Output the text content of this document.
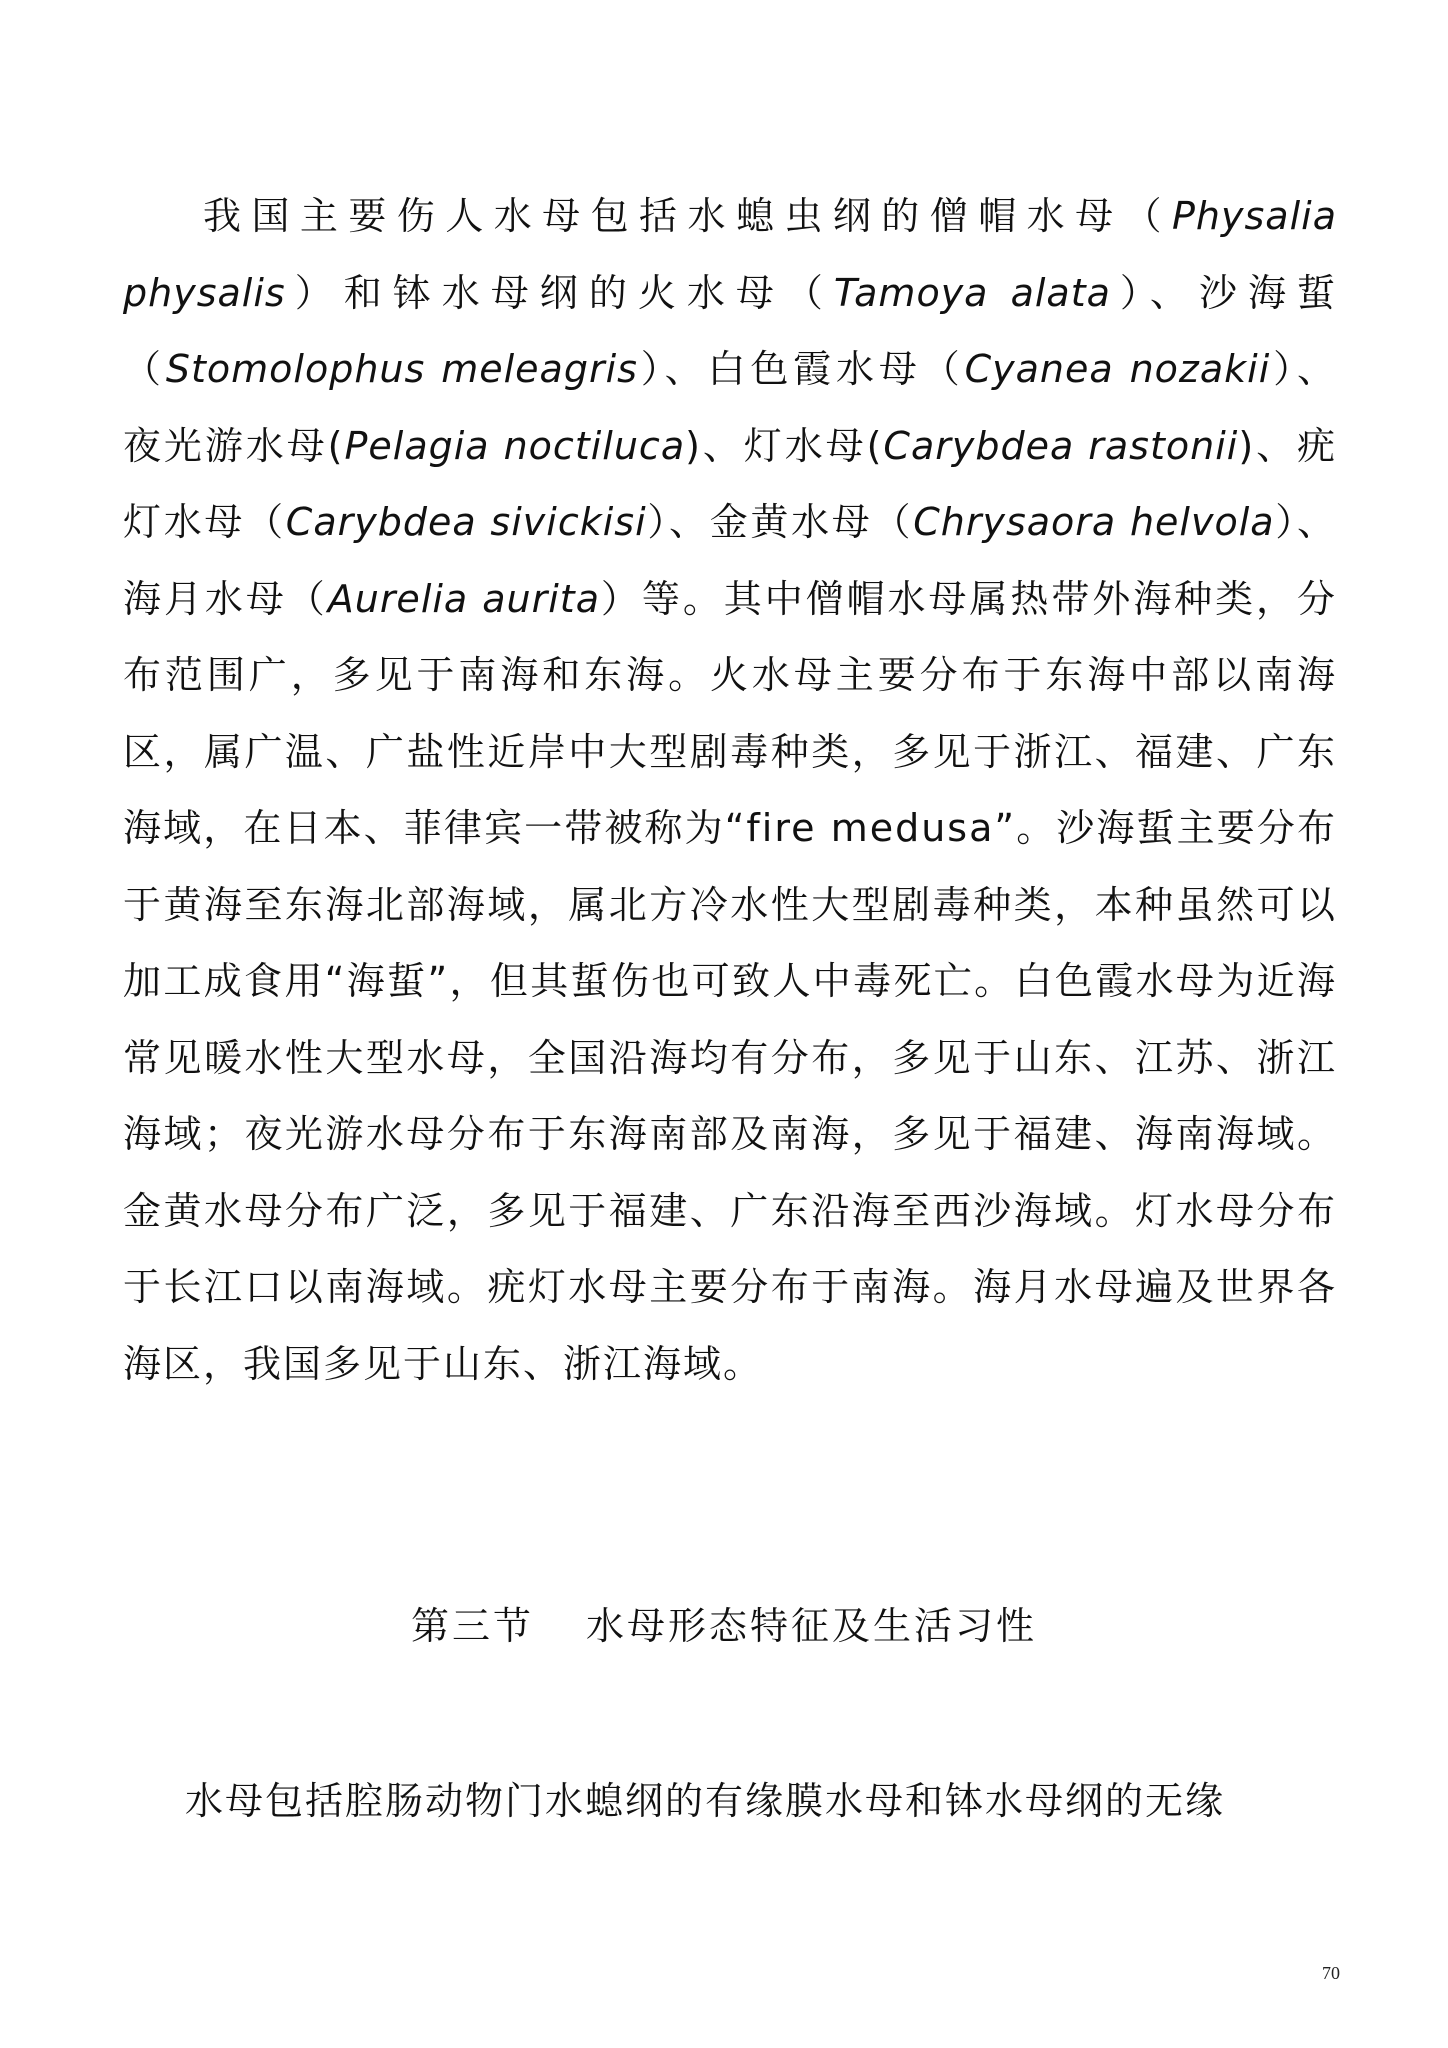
我国主要伤人水母包括水螅虫纲的僧帽水母（Physalia physalis）和钵水母纲的火水母（Tamoya alata）、沙海蜇（Stomolophus meleagris）、白色霞水母（Cyanea nozakii）、夜光游水母(Pelagia noctiluca)、灯水母(Carybdea rastonii)、疣灯水母（Carybdea sivickisi）、金黄水母（Chrysaora helvola）、海月水母（Aurelia aurita）等。其中僧帽水母属热带外海种类，分布范围广，多见于南海和东海。火水母主要分布于东海中部以南海区，属广温、广盐性近岸中大型剧毒种类，多见于浙江、福建、广东海域，在日本、菲律宾一带被称为“fire medusa”。沙海蜇主要分布于黄海至东海北部海域，属北方冷水性大型剧毒种类，本种虽然可以加工成食用“海蜇”，但其蜇伤也可致人中毒死亡。白色霞水母为近海常见暖水性大型水母，全国沿海均有分布，多见于山东、江苏、浙江海域；夜光游水母分布于东海南部及南海，多见于福建、海南海域。金黄水母分布广泛，多见于福建、广东沿海至西沙海域。灯水母分布于长江口以南海域。疣灯水母主要分布于南海。海月水母遍及世界各海区，我国多见于山东、浙江海域。

第三节 水母形态特征及生活习性

水母包括腔肠动物门水螅纲的有缘膜水母和钵水母纲的无缘

70
